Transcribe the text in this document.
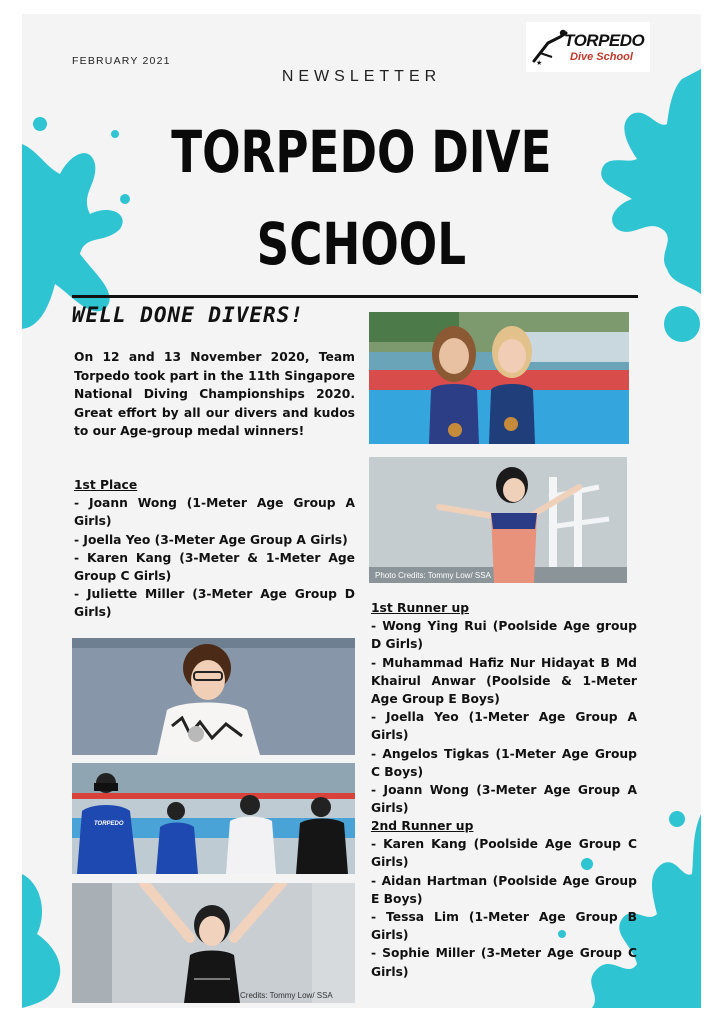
FEBRUARY 2021
NEWSLETTER
★
TORPEDO
Dive School
TORPEDO DIVE
SCHOOL
WELL DONE DIVERS!
On 12 and 13 November 2020, Team Torpedo took part in the 11th Singapore National Diving Championships 2020. Great effort by all our divers and kudos to our Age-group medal winners!
1st Place
- Joann Wong (1-Meter Age Group A Girls)
- Joella Yeo (3-Meter Age Group A Girls)
- Karen Kang (3-Meter & 1-Meter Age Group C Girls)
- Juliette Miller (3-Meter Age Group D Girls)	1st Runner up
- Wong Ying Rui (Poolside Age group D Girls)
- Muhammad Hafiz Nur Hidayat B Md Khairul Anwar (Poolside & 1-Meter Age Group E Boys)
- Joella Yeo (1-Meter Age Group A Girls)
- Angelos Tigkas (1-Meter Age Group C Boys)
- Joann Wong (3-Meter Age Group A Girls)
2nd Runner up
- Karen Kang (Poolside Age Group C Girls)
- Aidan Hartman (Poolside Age Group E Boys)
- Tessa Lim (1-Meter Age Group B Girls)
- Sophie Miller (3-Meter Age Group C Girls)
Photo Credits: Tommy Low/ SSA
TORPEDO
Credits: Tommy Low/ SSA
